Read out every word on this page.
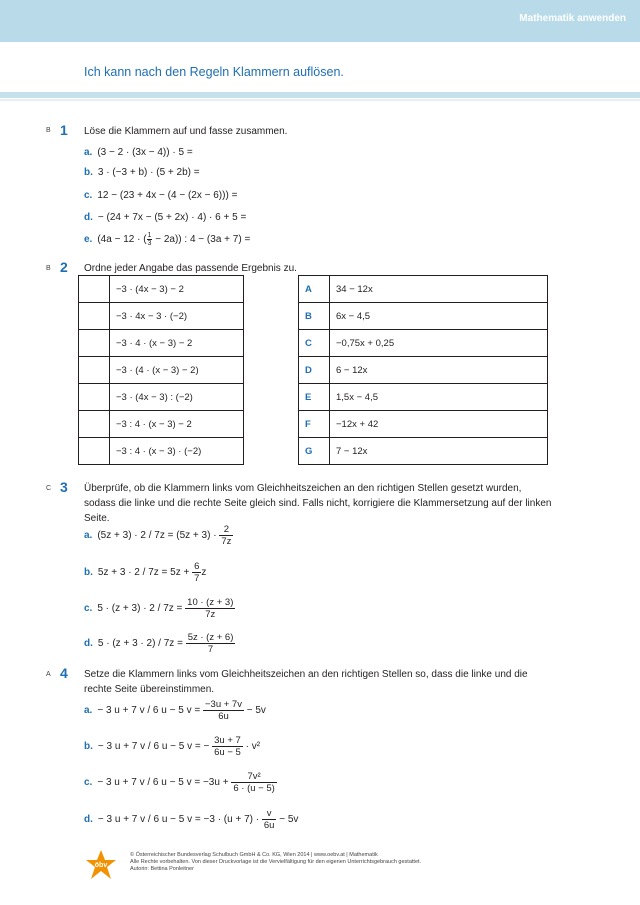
Mathematik anwenden
Ich kann nach den Regeln Klammern auflösen.
B 1 Löse die Klammern auf und fasse zusammen.
a. (3 − 2 · (3x − 4)) · 5 =
b. 3 · (−3 + b) · (5 + 2b) =
c. 12 − (23 + 4x − (4 − (2x − 6))) =
d. − (24 + 7x − (5 + 2x) · 4) · 6 + 5 =
e. (4a − 12 · ( $\frac{1}{3} - 2a$)) : 4 − (3a + 7) =
B 2 Ordne jeder Angabe das passende Ergebnis zu.
	−3 · (4x − 3) − 2
	−3 · 4x − 3 · (−2)
	−3 · 4 · (x − 3) − 2
	−3 · (4 · (x − 3) − 2)
	−3 · (4x − 3) : (−2)
	−3 : 4 · (x − 3) − 2
	−3 : 4 · (x − 3) · (−2)
A	34 − 12x
B	6x − 4,5
C	−0,75x + 0,25
D	6 − 12x
E	1,5x − 4,5
F	−12x + 42
G	7 − 12x
C 3 Überprüfe, ob die Klammern links vom Gleichheitszeichen an den richtigen Stellen gesetzt wurden, sodass die linke und die rechte Seite gleich sind. Falls nicht, korrigiere die Klammersetzung auf der linken Seite.
a. $(5z + 3) \cdot 2 / 7z = (5z + 3) \cdot \frac{2}{7z}$
b. $5z + 3 \cdot 2 / 7z = 5z + \frac{6}{7}$ z
c. $5 \cdot (z + 3) \cdot 2 / 7z = \frac{10 \cdot (z + 3)}{7z}$
d. $5 \cdot (z + 3 \cdot 2) / 7z = \frac{5z \cdot (z + 6)}{7}$
A 4 Setze die Klammern links vom Gleichheitszeichen an den richtigen Stellen so, dass die linke und die rechte Seite übereinstimmen.
a. − 3 u + 7 v / 6 u − 5 $v = \frac{-3u + 7v}{6u} - 5v$
b. − 3 u + 7 v / 6 u − 5 v = − $\frac{3u + 7}{6u - 5} \cdot v^2$
c. − 3 u + 7 v / 6 u − 5 $v = -3u + \frac{\text{7v²}}{6 \cdot (u - 5)}$
d. − 3 u + 7 v / 6 u − 5 $v = -3 \cdot (u + 7) \cdot \frac{v}{6u} - 5v$
öbv
© Österreichischer Bundesverlag Schulbuch GmbH & Co. KG, Wien 2014 | www.oebv.at | Mathematik
Alle Rechte vorbehalten. Von dieser Druckvorlage ist die Vervielfältigung für den eigenen Unterrichtsgebrauch gestattet.
Autorin: Bettina Ponleitner
